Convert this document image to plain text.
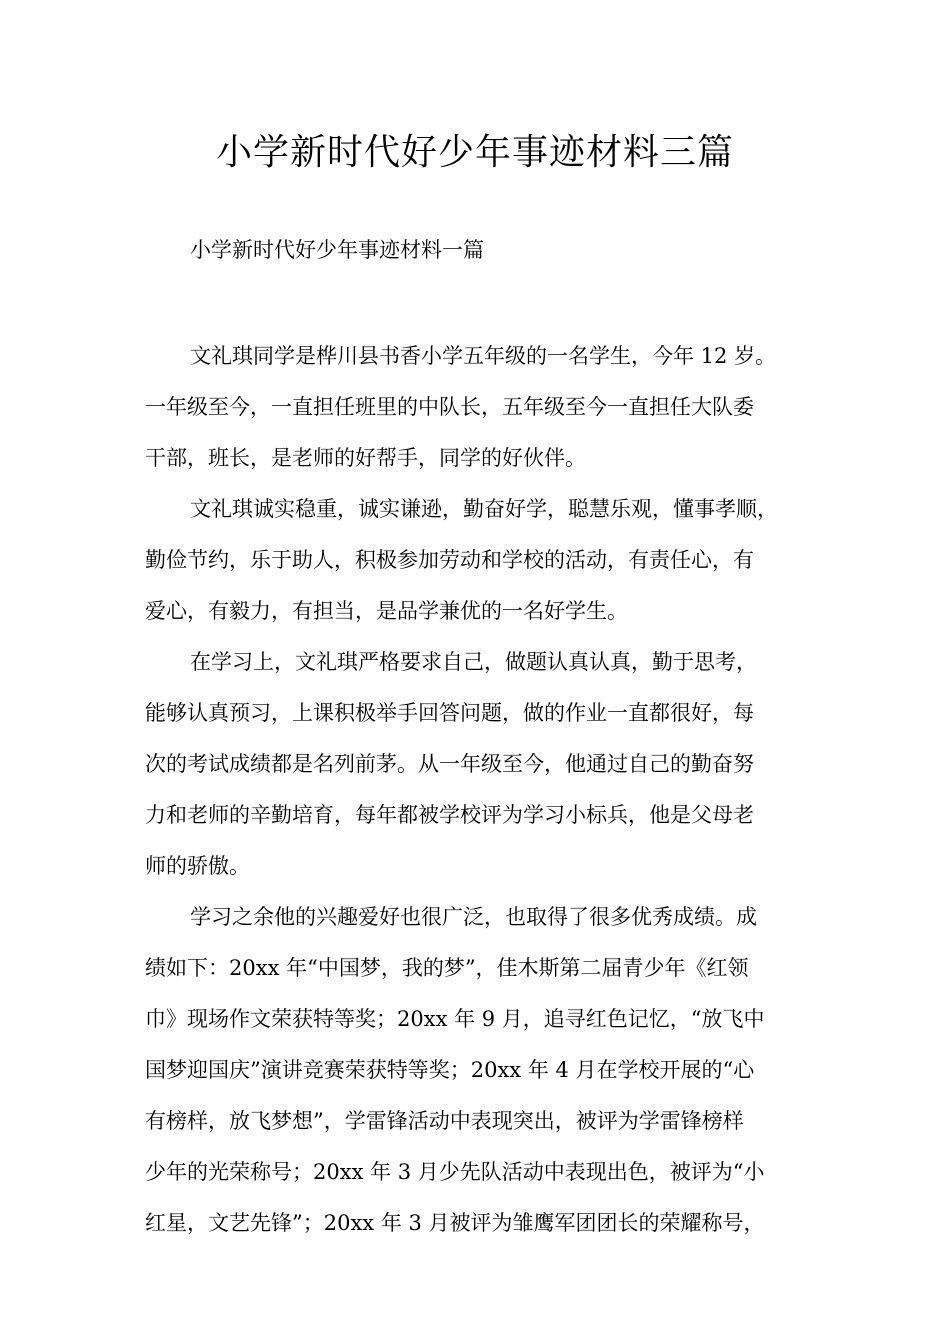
小学新时代好少年事迹材料三篇
小学新时代好少年事迹材料一篇
文礼琪同学是桦川县书香小学五年级的一名学生，今年 12 岁。
一年级至今，一直担任班里的中队长，五年级至今一直担任大队委
干部，班长，是老师的好帮手，同学的好伙伴。
文礼琪诚实稳重，诚实谦逊，勤奋好学，聪慧乐观，懂事孝顺，
勤俭节约，乐于助人，积极参加劳动和学校的活动，有责任心，有
爱心，有毅力，有担当，是品学兼优的一名好学生。
在学习上，文礼琪严格要求自己，做题认真认真，勤于思考，
能够认真预习，上课积极举手回答问题，做的作业一直都很好，每
次的考试成绩都是名列前茅。从一年级至今，他通过自己的勤奋努
力和老师的辛勤培育，每年都被学校评为学习小标兵，他是父母老
师的骄傲。
学习之余他的兴趣爱好也很广泛，也取得了很多优秀成绩。成
绩如下：20xx 年“中国梦，我的梦”，佳木斯第二届青少年《红领
巾》现场作文荣获特等奖；20xx 年 9 月，追寻红色记忆，“放飞中
国梦迎国庆”演讲竞赛荣获特等奖；20xx 年 4 月在学校开展的“心
有榜样，放飞梦想”，学雷锋活动中表现突出，被评为学雷锋榜样
少年的光荣称号；20xx 年 3 月少先队活动中表现出色，被评为“小
红星，文艺先锋”；20xx 年 3 月被评为雏鹰军团团长的荣耀称号，
